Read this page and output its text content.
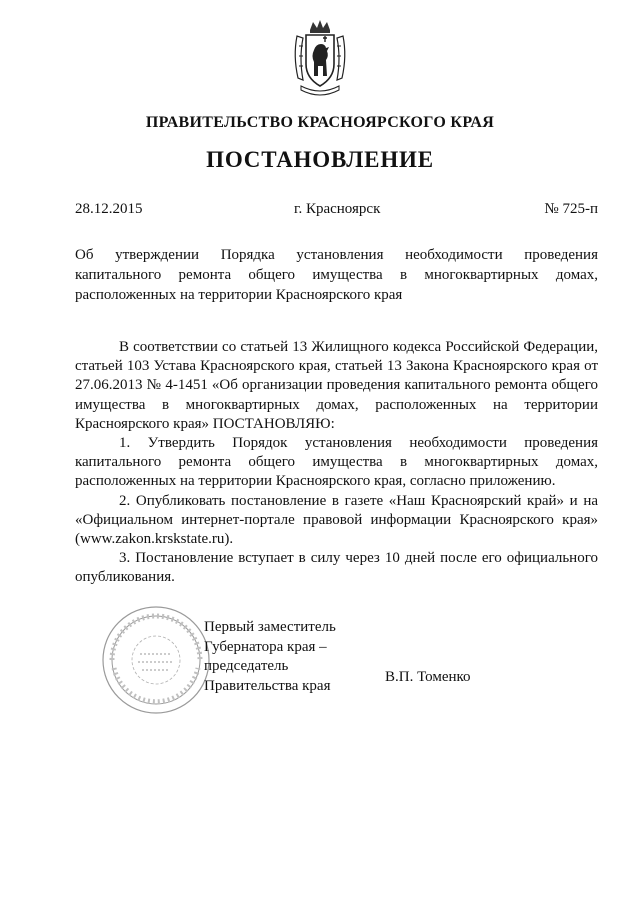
ПРАВИТЕЛЬСТВО КРАСНОЯРСКОГО КРАЯ
ПОСТАНОВЛЕНИЕ
28.12.2015	г. Красноярск	№ 725-п
Об утверждении Порядка установления необходимости проведения капитального ремонта общего имущества в многоквартирных домах, расположенных на территории Красноярского края

В соответствии со статьей 13 Жилищного кодекса Российской Федерации, статьей 103 Устава Красноярского края, статьей 13 Закона Красноярского края от 27.06.2013 № 4-1451 «Об организации проведения капитального ремонта общего имущества в многоквартирных домах, расположенных на территории Красноярского края» ПОСТАНОВЛЯЮ:

1. Утвердить Порядок установления необходимости проведения капитального ремонта общего имущества в многоквартирных домах, расположенных на территории Красноярского края, согласно приложению.

2. Опубликовать постановление в газете «Наш Красноярский край» и на «Официальном интернет-портале правовой информации Красноярского края» (www.zakon.krskstate.ru).

3. Постановление вступает в силу через 10 дней после его официального опубликования.

Первый заместитель
Губернатора края –
председатель
Правительства края
В.П. Томенко
